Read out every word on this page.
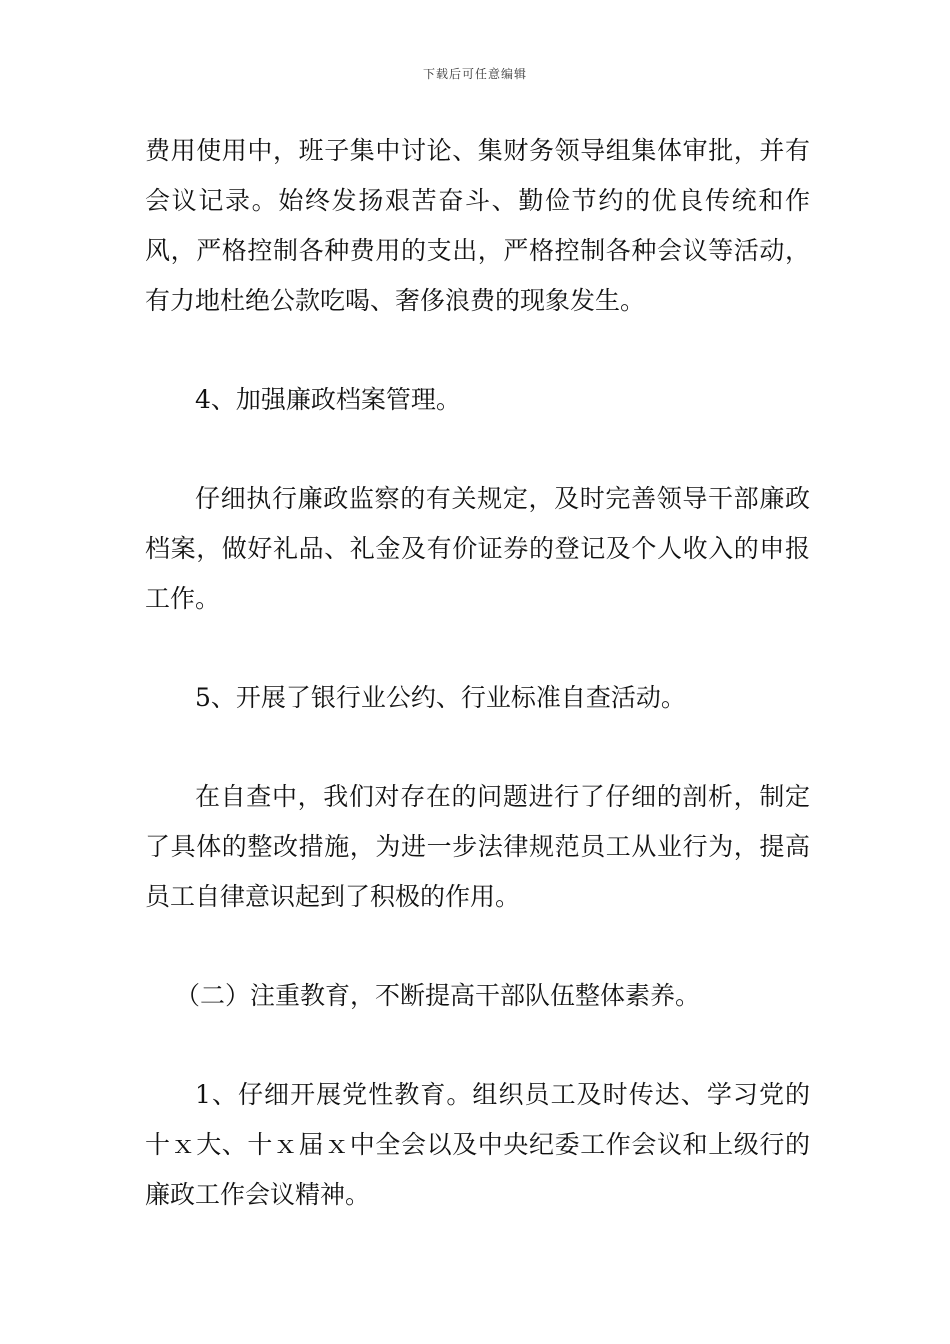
下载后可任意编辑

费用使用中，班子集中讨论、集财务领导组集体审批，并有会议记录。始终发扬艰苦奋斗、勤俭节约的优良传统和作风，严格控制各种费用的支出，严格控制各种会议等活动，有力地杜绝公款吃喝、奢侈浪费的现象发生。

4、加强廉政档案管理。

仔细执行廉政监察的有关规定，及时完善领导干部廉政档案，做好礼品、礼金及有价证券的登记及个人收入的申报工作。

5、开展了银行业公约、行业标准自查活动。

在自查中，我们对存在的问题进行了仔细的剖析，制定了具体的整改措施，为进一步法律规范员工从业行为，提高员工自律意识起到了积极的作用。

（二）注重教育，不断提高干部队伍整体素养。

1、仔细开展党性教育。组织员工及时传达、学习党的十ｘ大、十ｘ届ｘ中全会以及中央纪委工作会议和上级行的廉政工作会议精神。
